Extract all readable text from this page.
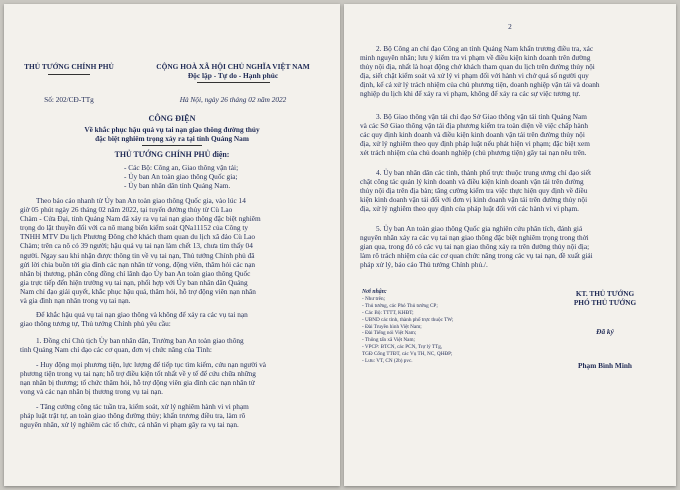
THỦ TƯỚNG CHÍNH PHỦ	CỘNG HOÀ XÃ HỘI CHỦ NGHĨA VIỆT NAM
Độc lập - Tự do - Hạnh phúc
Số: 202/CĐ-TTg	Hà Nội, ngày 26 tháng 02 năm 2022
CÔNG ĐIỆN
Về khắc phục hậu quả vụ tai nạn giao thông đường thủy
đặc biệt nghiêm trọng xảy ra tại tỉnh Quảng Nam
THỦ TƯỚNG CHÍNH PHỦ điện:
- Các Bộ: Công an, Giao thông vận tải;
- Ủy ban An toàn giao thông Quốc gia;
- Ủy ban nhân dân tỉnh Quảng Nam.
Theo báo cáo nhanh từ Ủy ban An toàn giao thông Quốc gia, vào lúc 14
giờ 05 phút ngày 26 tháng 02 năm 2022, tại tuyến đường thủy từ Cù Lao
Chàm - Cửa Đại, tỉnh Quảng Nam đã xảy ra vụ tai nạn giao thông đặc biệt nghiêm
trọng do lật thuyền đối với ca nô mang biển kiểm soát QNa11152 của Công ty
TNHH MTV Du lịch Phương Đông chở khách tham quan du lịch xã đảo Cù Lao
Chàm; trên ca nô có 39 người; hậu quả vụ tai nạn làm chết 13, chưa tìm thấy 04
người. Ngay sau khi nhận được thông tin về vụ tai nạn, Thủ tướng Chính phủ đã
gửi lời chia buồn tới gia đình các nạn nhân tử vong, động viên, thăm hỏi các nạn
nhân bị thương, phân công đồng chí lãnh đạo Ủy ban An toàn giao thông Quốc
gia trực tiếp đến hiện trường vụ tai nạn, phối hợp với Ủy ban nhân dân Quảng
Nam chỉ đạo giải quyết, khắc phục hậu quả, thăm hỏi, hỗ trợ động viên nạn nhân
và gia đình nạn nhân trong vụ tai nạn.
Để khắc hậu quả vụ tai nạn giao thông và không để xảy ra các vụ tai nạn
giao thông tương tự, Thủ tướng Chính phủ yêu cầu:
1. Đồng chí Chủ tịch Ủy ban nhân dân, Trưởng ban An toàn giao thông
tỉnh Quảng Nam chỉ đạo các cơ quan, đơn vị chức năng của Tỉnh:
- Huy động mọi phương tiện, lực lượng để tiếp tục tìm kiếm, cứu nạn người và
phương tiện trong vụ tai nạn; hỗ trợ điều kiện tốt nhất về y tế để cứu chữa những
nạn nhân bị thương; tổ chức thăm hỏi, hỗ trợ động viên gia đình các nạn nhân tử
vong và các nạn nhân bị thương trong vụ tai nạn.
- Tăng cường công tác tuần tra, kiểm soát, xử lý nghiêm hành vi vi phạm
pháp luật trật tự, an toàn giao thông đường thủy; khẩn trương điều tra, làm rõ
nguyên nhân, xử lý nghiêm các tổ chức, cá nhân vi phạm gây ra vụ tai nạn.
2
2. Bộ Công an chỉ đạo Công an tỉnh Quảng Nam khẩn trương điều tra, xác
minh nguyên nhân; lưu ý kiểm tra vi phạm về điều kiện kinh doanh trên đường
thủy nội địa, nhất là hoạt động chở khách tham quan du lịch trên đường thủy nội
địa, siết chặt kiểm soát và xử lý vi phạm đối với hành vi chở quá số người quy
định, kể cả xử lý trách nhiệm của chủ phương tiện, doanh nghiệp vận tải và doanh
nghiệp du lịch khi để xảy ra vi phạm, không để xảy ra các sự việc tương tự.
3. Bộ Giao thông vận tải chỉ đạo Sở Giao thông vận tải tỉnh Quảng Nam
và các Sở Giao thông vận tải địa phương kiểm tra toàn diện về việc chấp hành
các quy định kinh doanh và điều kiện kinh doanh vận tải trên đường thủy nội
địa, xử lý nghiêm theo quy định pháp luật nếu phát hiện vi phạm; đặc biệt xem
xét trách nhiệm của chủ doanh nghiệp (chủ phương tiện) gây tai nạn nêu trên.
4. Ủy ban nhân dân các tỉnh, thành phố trực thuộc trung ương chỉ đạo siết
chặt công tác quản lý kinh doanh và điều kiện kinh doanh vận tải trên đường
thủy nội địa trên địa bàn; tăng cường kiểm tra việc thực hiện quy định về điều
kiện kinh doanh vận tải đối với đơn vị kinh doanh vận tải trên đường thủy nội
địa, xử lý nghiêm theo quy định của pháp luật đối với các hành vi vi phạm.
5. Ủy ban An toàn giao thông Quốc gia nghiên cứu phân tích, đánh giá
nguyên nhân xảy ra các vụ tai nạn giao thông đặc biệt nghiêm trọng trong thời
gian qua, trong đó có các vụ tai nạn giao thông xảy ra trên đường thủy nội địa;
làm rõ trách nhiệm của các cơ quan chức năng trong các vụ tai nạn, đề xuất giải
pháp xử lý, báo cáo Thủ tướng Chính phủ./.
Nơi nhận:
- Như trên;
- Thủ tướng, các Phó Thủ tướng CP;
- Các Bộ: TTTT, KHĐT;
- UBND các tỉnh, thành phố trực thuộc TW;
- Đài Truyền hình Việt Nam;
- Đài Tiếng nói Việt Nam;
- Thông tấn xã Việt Nam;
- VPCP: BTCN, các PCN, Trợ lý TTg,
TGĐ Cổng TTĐT, các Vụ TH, NC, QHĐP;
- Lưu: VT, CN (2b) pvc.
KT. THỦ TƯỚNG
PHÓ THỦ TƯỚNG
Đã ký
Phạm Bình Minh
